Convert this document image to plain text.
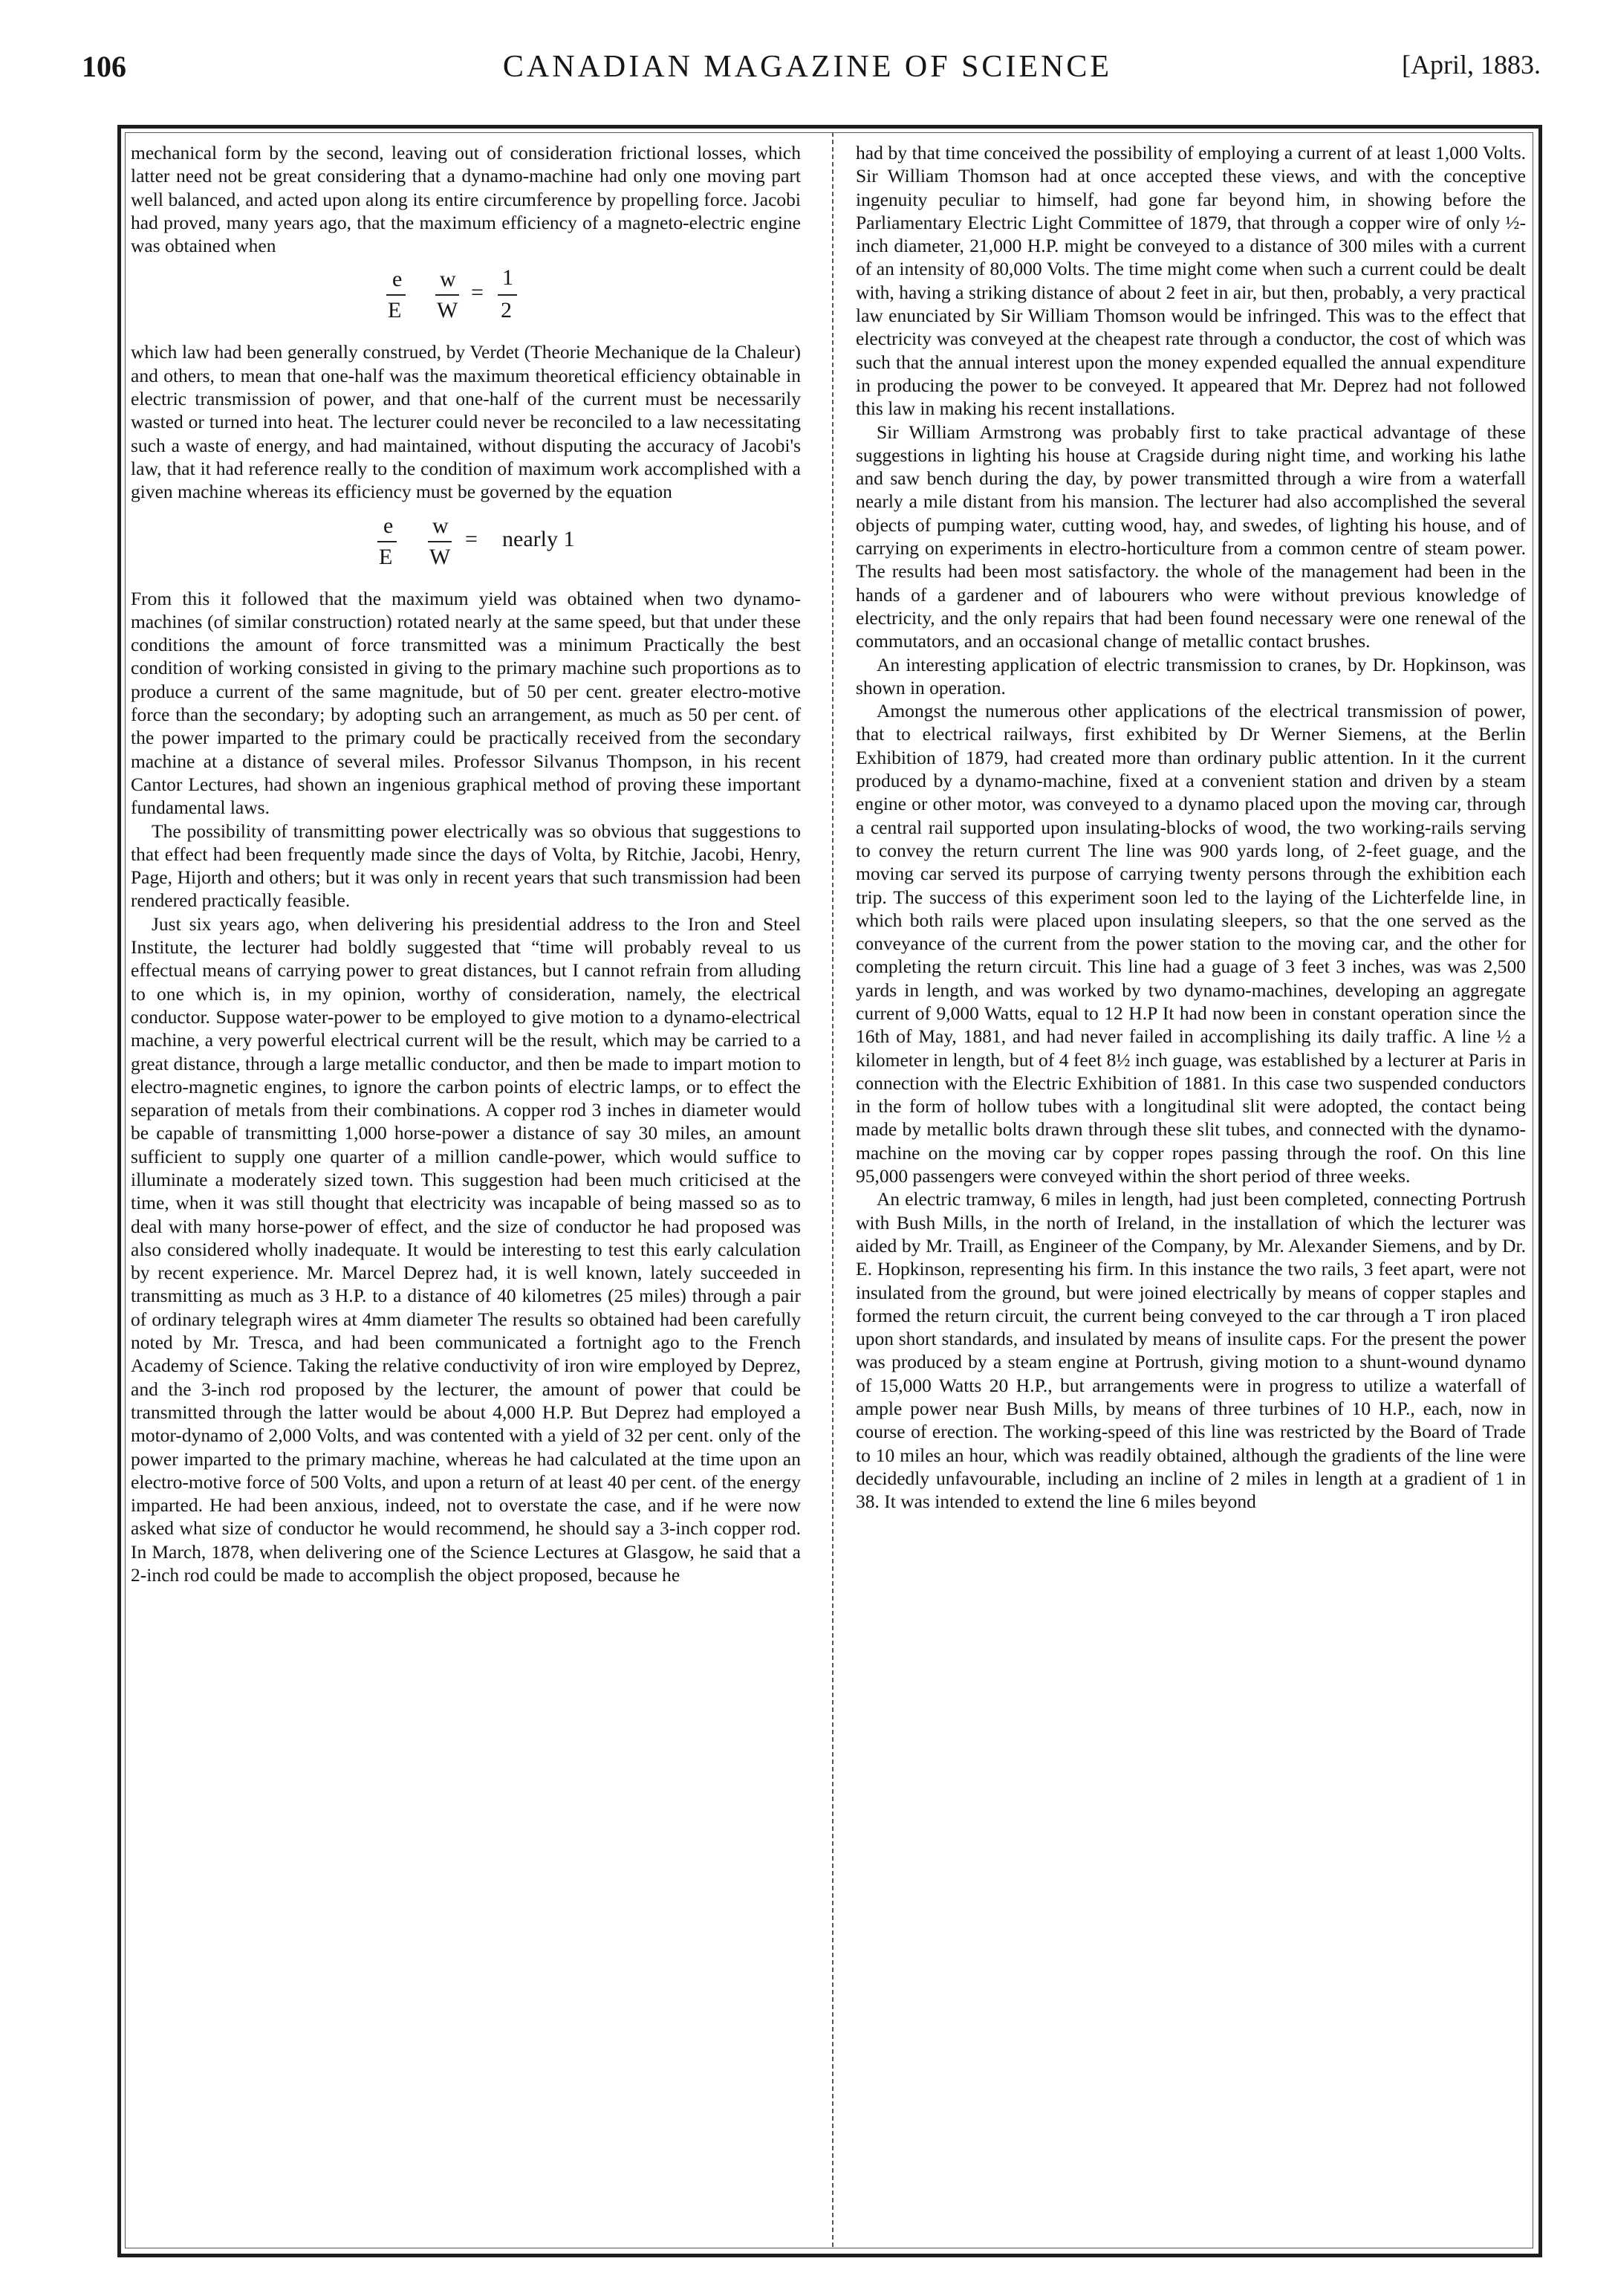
106	CANADIAN MAGAZINE OF SCIENCE	[April, 1883.

mechanical form by the second, leaving out of consideration frictional losses, which latter need not be great considering that a dynamo-machine had only one moving part well balanced, and acted upon along its entire circumference by propelling force. Jacobi had proved, many years ago, that the maximum efficiency of a magneto-electric engine was obtained when

e
E
w
W
=
1
2

which law had been generally construed, by Verdet (Theorie Mechanique de la Chaleur) and others, to mean that one-half was the maximum theoretical efficiency obtainable in electric transmission of power, and that one-half of the current must be necessarily wasted or turned into heat. The lecturer could never be reconciled to a law necessitating such a waste of energy, and had maintained, without disputing the accuracy of Jacobi's law, that it had reference really to the condition of maximum work accomplished with a given machine whereas its efficiency must be governed by the equation

e
E
w
W
= nearly 1

From this it followed that the maximum yield was obtained when two dynamo-machines (of similar construction) rotated nearly at the same speed, but that under these conditions the amount of force transmitted was a minimum Practically the best condition of working consisted in giving to the primary machine such proportions as to produce a current of the same magnitude, but of 50 per cent. greater electro-motive force than the secondary; by adopting such an arrangement, as much as 50 per cent. of the power imparted to the primary could be practically received from the secondary machine at a distance of several miles. Professor Silvanus Thompson, in his recent Cantor Lectures, had shown an ingenious graphical method of proving these important fundamental laws.

The possibility of transmitting power electrically was so obvious that suggestions to that effect had been frequently made since the days of Volta, by Ritchie, Jacobi, Henry, Page, Hijorth and others; but it was only in recent years that such transmission had been rendered practically feasible.

Just six years ago, when delivering his presidential address to the Iron and Steel Institute, the lecturer had boldly suggested that “time will probably reveal to us effectual means of carrying power to great distances, but I cannot refrain from alluding to one which is, in my opinion, worthy of consideration, namely, the electrical conductor. Suppose water-power to be employed to give motion to a dynamo-electrical machine, a very powerful electrical current will be the result, which may be carried to a great distance, through a large metallic conductor, and then be made to impart motion to electro-magnetic engines, to ignore the carbon points of electric lamps, or to effect the separation of metals from their combinations. A copper rod 3 inches in diameter would be capable of transmitting 1,000 horse-power a distance of say 30 miles, an amount sufficient to supply one quarter of a million candle-power, which would suffice to illuminate a moderately sized town. This suggestion had been much criticised at the time, when it was still thought that electricity was incapable of being massed so as to deal with many horse-power of effect, and the size of conductor he had proposed was also considered wholly inadequate. It would be interesting to test this early calculation by recent experience. Mr. Marcel Deprez had, it is well known, lately succeeded in transmitting as much as 3 H.P. to a distance of 40 kilometres (25 miles) through a pair of ordinary telegraph wires at 4mm diameter The results so obtained had been carefully noted by Mr. Tresca, and had been communicated a fortnight ago to the French Academy of Science. Taking the relative conductivity of iron wire employed by Deprez, and the 3-inch rod proposed by the lecturer, the amount of power that could be transmitted through the latter would be about 4,000 H.P. But Deprez had employed a motor-dynamo of 2,000 Volts, and was contented with a yield of 32 per cent. only of the power imparted to the primary machine, whereas he had calculated at the time upon an electro-motive force of 500 Volts, and upon a return of at least 40 per cent. of the energy imparted. He had been anxious, indeed, not to overstate the case, and if he were now asked what size of conductor he would recommend, he should say a 3-inch copper rod. In March, 1878, when delivering one of the Science Lectures at Glasgow, he said that a 2-inch rod could be made to accomplish the object proposed, because he

had by that time conceived the possibility of employing a current of at least 1,000 Volts. Sir William Thomson had at once accepted these views, and with the conceptive ingenuity peculiar to himself, had gone far beyond him, in showing before the Parliamentary Electric Light Committee of 1879, that through a copper wire of only ½-inch diameter, 21,000 H.P. might be conveyed to a distance of 300 miles with a current of an intensity of 80,000 Volts. The time might come when such a current could be dealt with, having a striking distance of about 2 feet in air, but then, probably, a very practical law enunciated by Sir William Thomson would be infringed. This was to the effect that electricity was conveyed at the cheapest rate through a conductor, the cost of which was such that the annual interest upon the money expended equalled the annual expenditure in producing the power to be conveyed. It appeared that Mr. Deprez had not followed this law in making his recent installations.

Sir William Armstrong was probably first to take practical advantage of these suggestions in lighting his house at Cragside during night time, and working his lathe and saw bench during the day, by power transmitted through a wire from a waterfall nearly a mile distant from his mansion. The lecturer had also accomplished the several objects of pumping water, cutting wood, hay, and swedes, of lighting his house, and of carrying on experiments in electro-horticulture from a common centre of steam power. The results had been most satisfactory. the whole of the management had been in the hands of a gardener and of labourers who were without previous knowledge of electricity, and the only repairs that had been found necessary were one renewal of the commutators, and an occasional change of metallic contact brushes.

An interesting application of electric transmission to cranes, by Dr. Hopkinson, was shown in operation.

Amongst the numerous other applications of the electrical transmission of power, that to electrical railways, first exhibited by Dr Werner Siemens, at the Berlin Exhibition of 1879, had created more than ordinary public attention. In it the current produced by a dynamo-machine, fixed at a convenient station and driven by a steam engine or other motor, was conveyed to a dynamo placed upon the moving car, through a central rail supported upon insulating-blocks of wood, the two working-rails serving to convey the return current The line was 900 yards long, of 2-feet guage, and the moving car served its purpose of carrying twenty persons through the exhibition each trip. The success of this experiment soon led to the laying of the Lichterfelde line, in which both rails were placed upon insulating sleepers, so that the one served as the conveyance of the current from the power station to the moving car, and the other for completing the return circuit. This line had a guage of 3 feet 3 inches, was was 2,500 yards in length, and was worked by two dynamo-machines, developing an aggregate current of 9,000 Watts, equal to 12 H.P It had now been in constant operation since the 16th of May, 1881, and had never failed in accomplishing its daily traffic. A line ½ a kilometer in length, but of 4 feet 8½ inch guage, was established by a lecturer at Paris in connection with the Electric Exhibition of 1881. In this case two suspended conductors in the form of hollow tubes with a longitudinal slit were adopted, the contact being made by metallic bolts drawn through these slit tubes, and connected with the dynamo-machine on the moving car by copper ropes passing through the roof. On this line 95,000 passengers were conveyed within the short period of three weeks.

An electric tramway, 6 miles in length, had just been completed, connecting Portrush with Bush Mills, in the north of Ireland, in the installation of which the lecturer was aided by Mr. Traill, as Engineer of the Company, by Mr. Alexander Siemens, and by Dr. E. Hopkinson, representing his firm. In this instance the two rails, 3 feet apart, were not insulated from the ground, but were joined electrically by means of copper staples and formed the return circuit, the current being conveyed to the car through a T iron placed upon short standards, and insulated by means of insulite caps. For the present the power was produced by a steam engine at Portrush, giving motion to a shunt-wound dynamo of 15,000 Watts 20 H.P., but arrangements were in progress to utilize a waterfall of ample power near Bush Mills, by means of three turbines of 10 H.P., each, now in course of erection. The working-speed of this line was restricted by the Board of Trade to 10 miles an hour, which was readily obtained, although the gradients of the line were decidedly unfavourable, including an incline of 2 miles in length at a gradient of 1 in 38. It was intended to extend the line 6 miles beyond
